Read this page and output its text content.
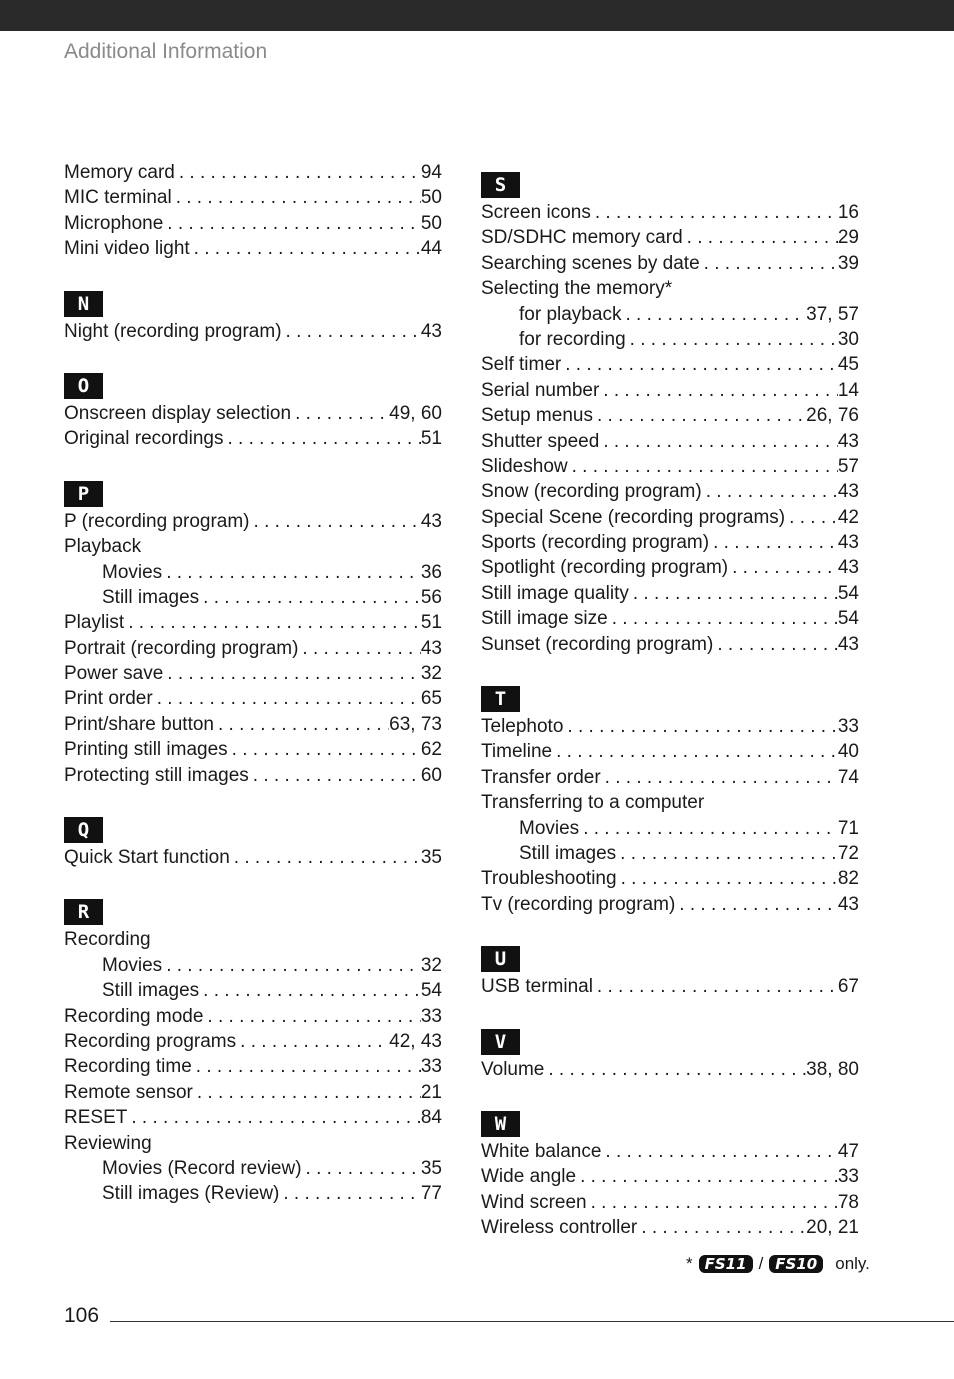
Additional Information
Memory card . . .	94
MIC terminal . . .	50
Microphone . . .	50
Mini video light . . .	44
N
Night (recording program) . . .	43
O
Onscreen display selection . . .	49, 60
Original recordings . . .	51
P
P (recording program) . . .	43
Playback
Movies . . .	36
Still images . . .	56
Playlist . . .	51
Portrait (recording program) . . .	43
Power save . . .	32
Print order . . .	65
Print/share button . . .	63, 73
Printing still images . . .	62
Protecting still images . . .	60
Q
Quick Start function . . .	35
R
Recording
Movies . . .	32
Still images . . .	54
Recording mode . . .	33
Recording programs . . .	42, 43
Recording time . . .	33
Remote sensor . . .	21
RESET . . .	84
Reviewing
Movies (Record review) . . .	35
Still images (Review) . . .	77
S
Screen icons . . .	16
SD/SDHC memory card . . .	29
Searching scenes by date . . .	39
Selecting the memory*
for playback . . .	37, 57
for recording . . .	30
Self timer . . .	45
Serial number . . .	14
Setup menus . . .	26, 76
Shutter speed . . .	43
Slideshow . . .	57
Snow (recording program) . . .	43
Special Scene (recording programs) . . .	42
Sports (recording program) . . .	43
Spotlight (recording program) . . .	43
Still image quality . . .	54
Still image size . . .	54
Sunset (recording program) . . .	43
T
Telephoto . . .	33
Timeline . . .	40
Transfer order . . .	74
Transferring to a computer
Movies . . .	71
Still images . . .	72
Troubleshooting . . .	82
Tv (recording program) . . .	43
U
USB terminal . . .	67
V
Volume . . .	38, 80
W
White balance . . .	47
Wide angle . . .	33
Wind screen . . .	78
Wireless controller . . .	20, 21
* FS11 / FS10	only.
106
